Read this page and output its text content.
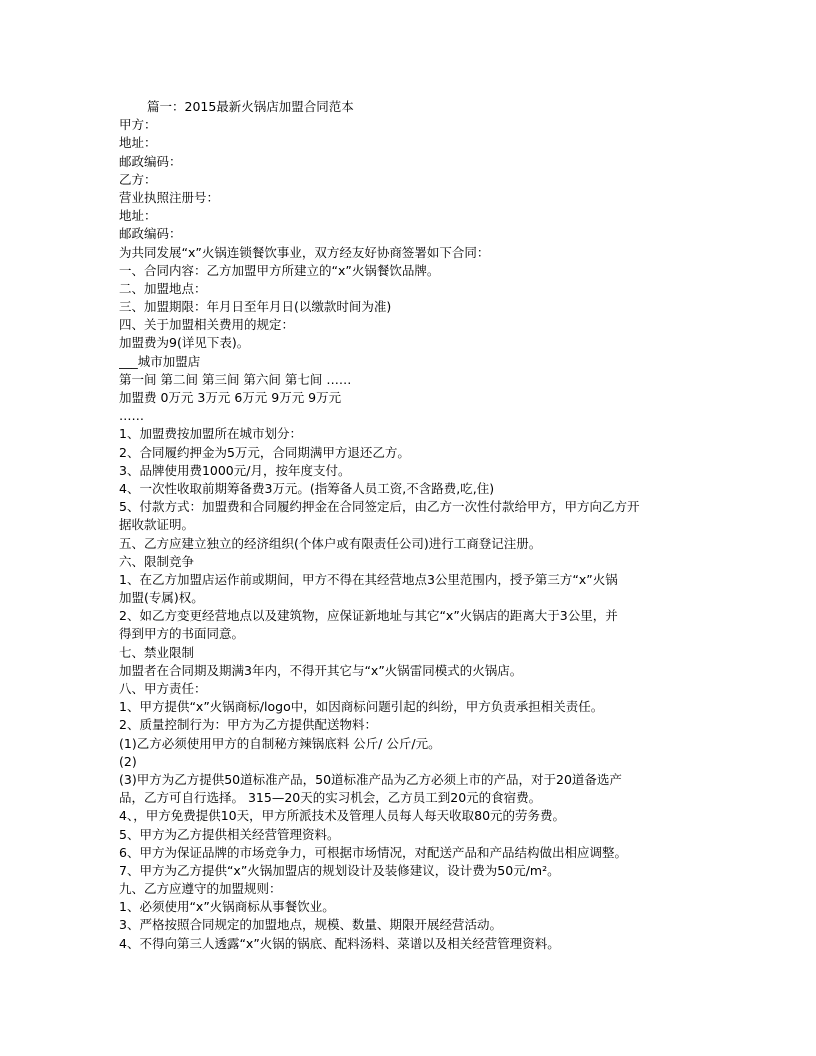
篇一：2015最新火锅店加盟合同范本
甲方：
地址：
邮政编码：
乙方：
营业执照注册号：
地址：
邮政编码：
为共同发展“x”火锅连锁餐饮事业，双方经友好协商签署如下合同：
一、合同内容：乙方加盟甲方所建立的“x”火锅餐饮品牌。
二、加盟地点：
三、加盟期限：年月日至年月日(以缴款时间为准)
四、关于加盟相关费用的规定：
加盟费为9(详见下表)。
___城市加盟店
第一间 第二间 第三间 第六间 第七间 ……
加盟费 0万元 3万元 6万元 9万元 9万元
……
1、加盟费按加盟所在城市划分：
2、合同履约押金为5万元，合同期满甲方退还乙方。
3、品牌使用费1000元/月，按年度支付。
4、一次性收取前期筹备费3万元。(指筹备人员工资,不含路费,吃,住)
5、付款方式：加盟费和合同履约押金在合同签定后，由乙方一次性付款给甲方，甲方向乙方开
据收款证明。
五、乙方应建立独立的经济组织(个体户或有限责任公司)进行工商登记注册。
六、限制竞争
1、在乙方加盟店运作前或期间，甲方不得在其经营地点3公里范围内，授予第三方“x”火锅
加盟(专属)权。
2、如乙方变更经营地点以及建筑物，应保证新地址与其它“x”火锅店的距离大于3公里，并
得到甲方的书面同意。
七、禁业限制
加盟者在合同期及期满3年内，不得开其它与“x”火锅雷同模式的火锅店。
八、甲方责任：
1、甲方提供“x”火锅商标/logo中，如因商标问题引起的纠纷，甲方负责承担相关责任。
2、质量控制行为：甲方为乙方提供配送物料：
(1)乙方必须使用甲方的自制秘方辣锅底料 公斤/ 公斤/元。
(2)
(3)甲方为乙方提供50道标准产品，50道标准产品为乙方必须上市的产品，对于20道备选产
品，乙方可自行选择。 315—20天的实习机会，乙方员工到20元的食宿费。
4、，甲方免费提供10天，甲方所派技术及管理人员每人每天收取80元的劳务费。
5、甲方为乙方提供相关经营管理资料。
6、甲方为保证品牌的市场竞争力，可根据市场情况，对配送产品和产品结构做出相应调整。
7、甲方为乙方提供“x”火锅加盟店的规划设计及装修建议，设计费为50元/m²。
九、乙方应遵守的加盟规则：
1、必须使用“x”火锅商标从事餐饮业。
3、严格按照合同规定的加盟地点，规模、数量、期限开展经营活动。
4、不得向第三人透露“x”火锅的锅底、配料汤料、菜谱以及相关经营管理资料。
